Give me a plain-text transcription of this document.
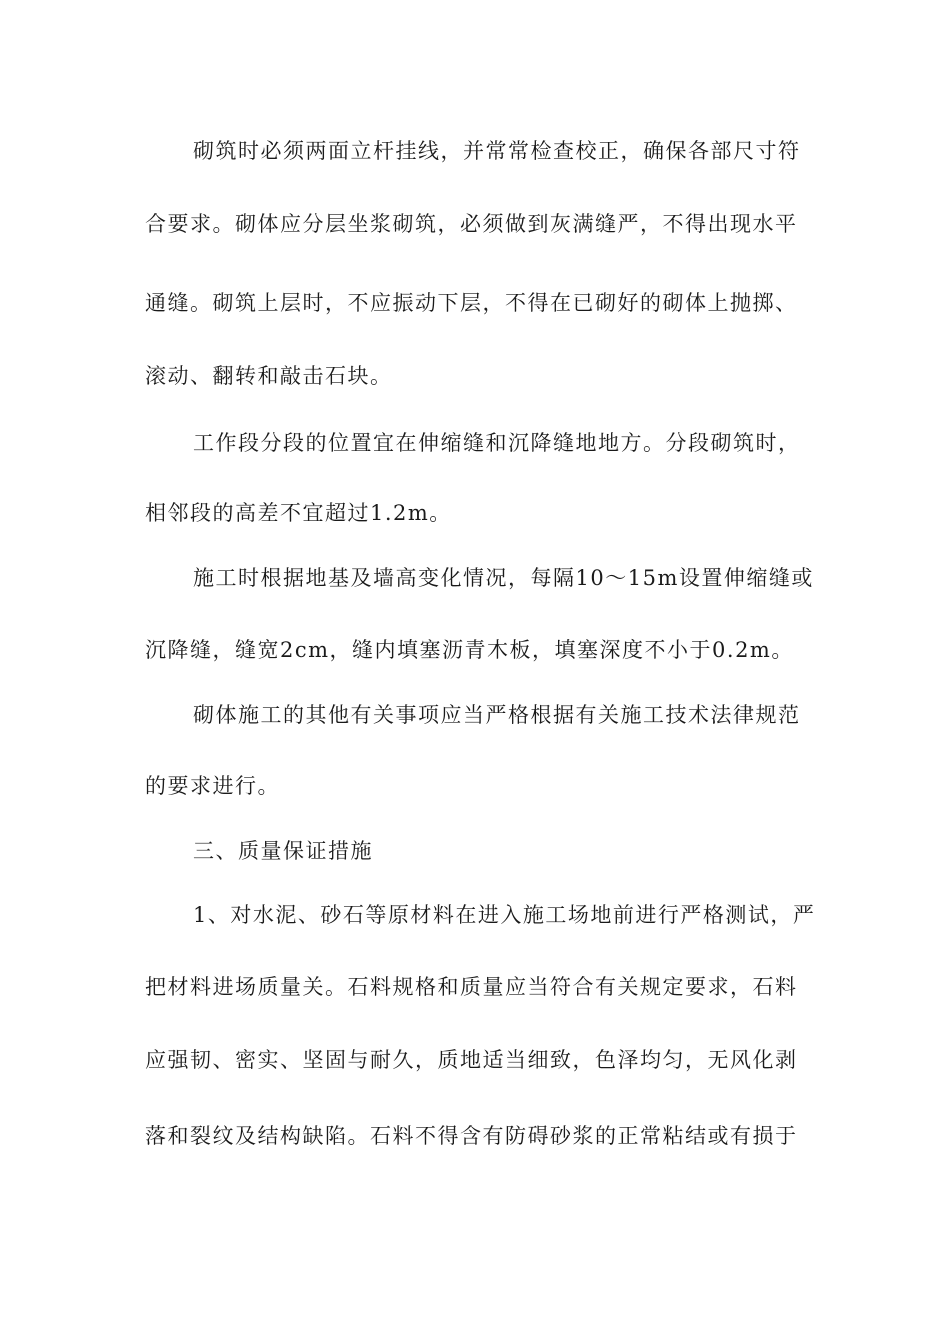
砌筑时必须两面立杆挂线，并常常检查校正，确保各部尺寸符
合要求。砌体应分层坐浆砌筑，必须做到灰满缝严，不得出现水平
通缝。砌筑上层时，不应振动下层，不得在已砌好的砌体上抛掷、
滚动、翻转和敲击石块。
工作段分段的位置宜在伸缩缝和沉降缝地地方。分段砌筑时，
相邻段的高差不宜超过1.2m。
施工时根据地基及墙高变化情况，每隔10～15m设置伸缩缝或
沉降缝，缝宽2cm，缝内填塞沥青木板，填塞深度不小于0.2m。
砌体施工的其他有关事项应当严格根据有关施工技术法律规范
的要求进行。
三、质量保证措施
1、对水泥、砂石等原材料在进入施工场地前进行严格测试，严
把材料进场质量关。石料规格和质量应当符合有关规定要求，石料
应强韧、密实、坚固与耐久，质地适当细致，色泽均匀，无风化剥
落和裂纹及结构缺陷。石料不得含有防碍砂浆的正常粘结或有损于
